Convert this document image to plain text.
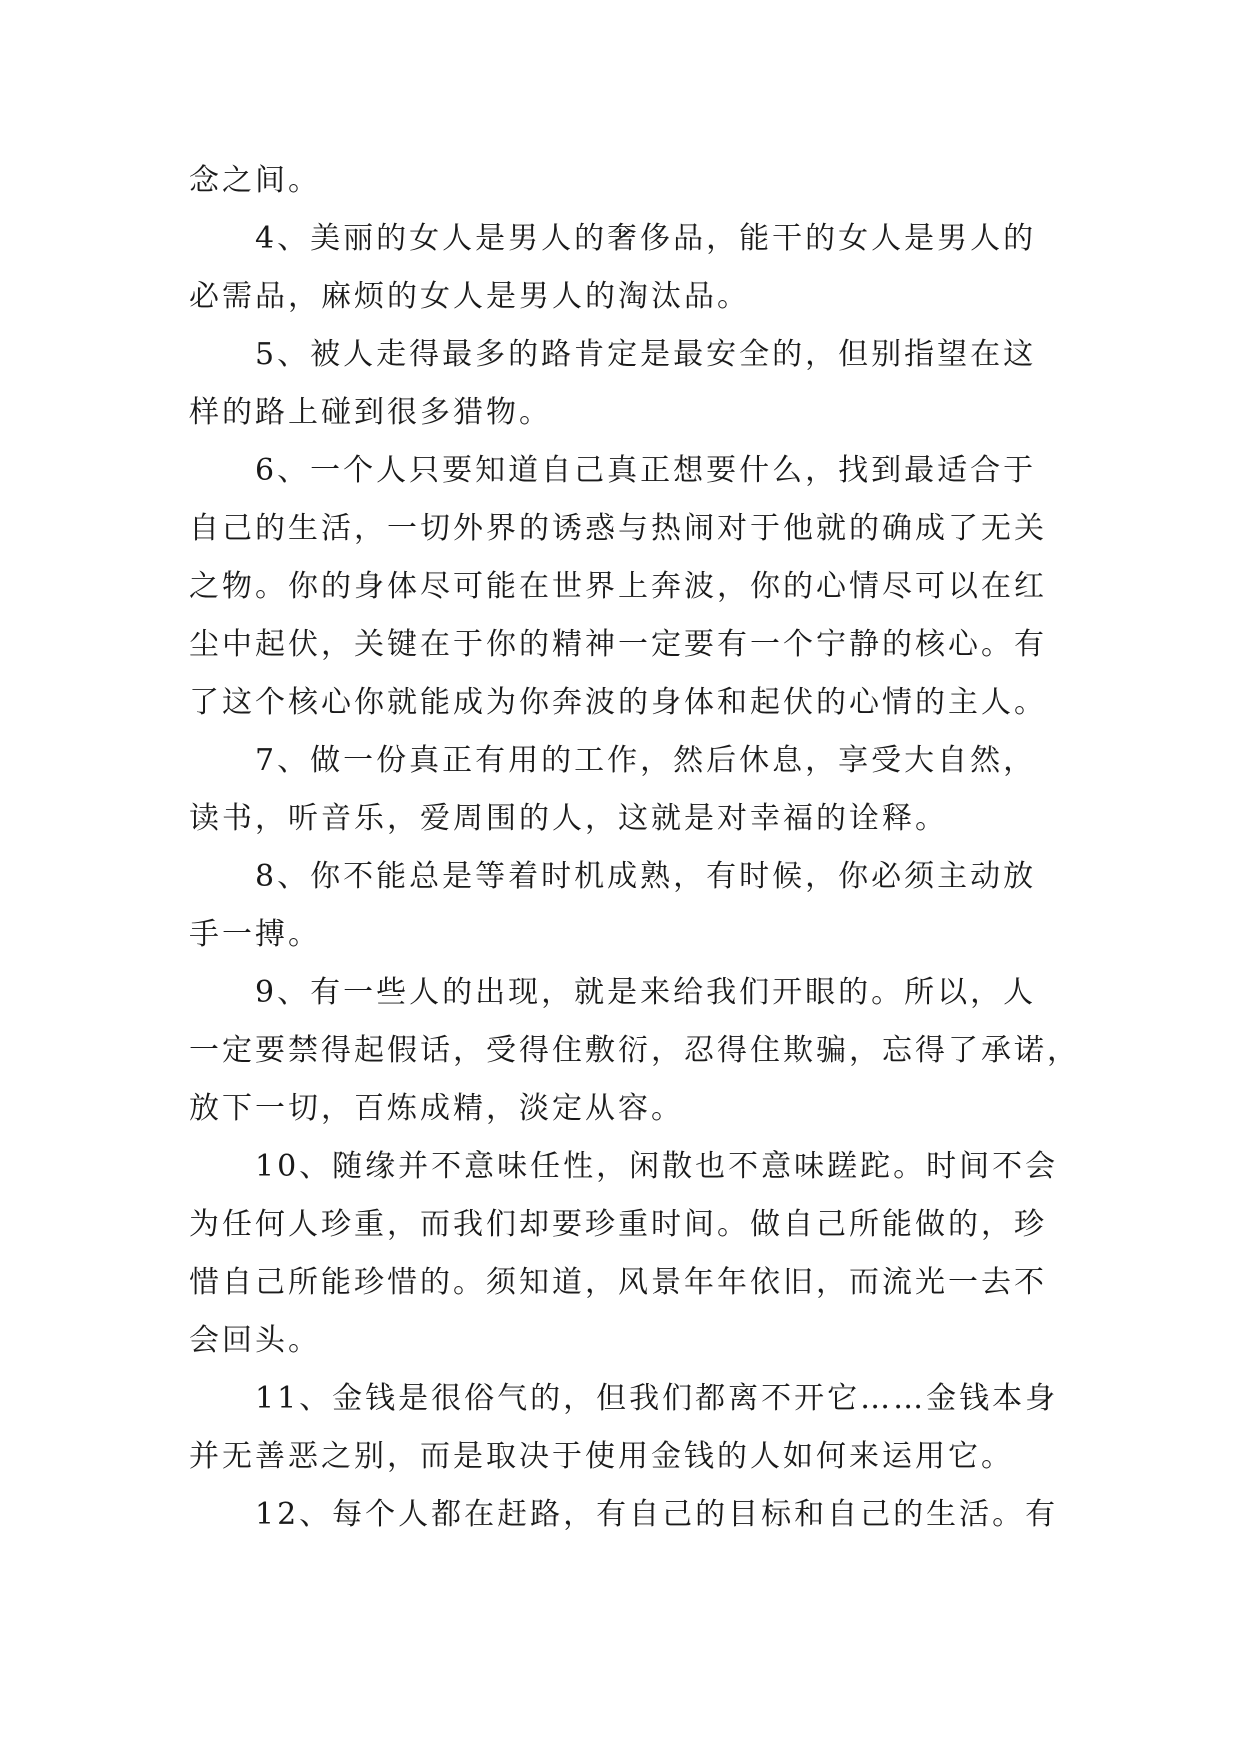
念之间。
4、美丽的女人是男人的奢侈品，能干的女人是男人的
必需品，麻烦的女人是男人的淘汰品。
5、被人走得最多的路肯定是最安全的，但别指望在这
样的路上碰到很多猎物。
6、一个人只要知道自己真正想要什么，找到最适合于
自己的生活，一切外界的诱惑与热闹对于他就的确成了无关
之物。你的身体尽可能在世界上奔波，你的心情尽可以在红
尘中起伏，关键在于你的精神一定要有一个宁静的核心。有
了这个核心你就能成为你奔波的身体和起伏的心情的主人。
7、做一份真正有用的工作，然后休息，享受大自然，
读书，听音乐，爱周围的人，这就是对幸福的诠释。
8、你不能总是等着时机成熟，有时候，你必须主动放
手一搏。
9、有一些人的出现，就是来给我们开眼的。所以，人
一定要禁得起假话，受得住敷衍，忍得住欺骗，忘得了承诺，
放下一切，百炼成精，淡定从容。
10、随缘并不意味任性，闲散也不意味蹉跎。时间不会
为任何人珍重，而我们却要珍重时间。做自己所能做的，珍
惜自己所能珍惜的。须知道，风景年年依旧，而流光一去不
会回头。
11、金钱是很俗气的，但我们都离不开它……金钱本身
并无善恶之别，而是取决于使用金钱的人如何来运用它。
12、每个人都在赶路，有自己的目标和自己的生活。有
